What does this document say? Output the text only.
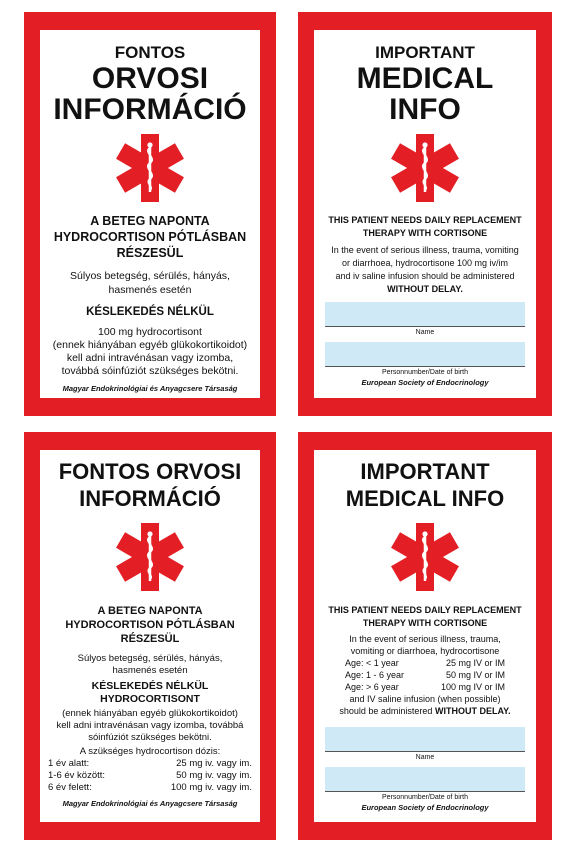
FONTOS

ORVOSI

INFORMÁCIÓ

A BETEG NAPONTA

HYDROCORTISON PÓTLÁSBAN

RÉSZESÜL

Súlyos betegség, sérülés, hányás,

hasmenés esetén

KÉSLEKEDÉS NÉLKÜL

100 mg hydrocortisont

(ennek hiányában egyéb glükokortikoidot)

kell adni intravénásan vagy izomba,

továbbá sóinfúziót szükséges bekötni.

Magyar Endokrinológiai és Anyagcsere Társaság

IMPORTANT

MEDICAL

INFO

THIS PATIENT NEEDS DAILY REPLACEMENT

THERAPY WITH CORTISONE

In the event of serious illness, trauma, vomiting

or diarrhoea, hydrocortisone 100 mg iv/im

and iv saline infusion should be administered

WITHOUT DELAY.

Name

Personnumber/Date of birth

European Society of Endocrinology

FONTOS ORVOSI

INFORMÁCIÓ

A BETEG NAPONTA

HYDROCORTISON PÓTLÁSBAN

RÉSZESÜL

Súlyos betegség, sérülés, hányás,

hasmenés esetén

KÉSLEKEDÉS NÉLKÜL

HYDROCORTISONT

(ennek hiányában egyéb glükokortikoidot)

kell adni intravénásan vagy izomba, továbbá

sóinfúziót szükséges bekötni.

A szükséges hydrocortison dózis:

1 év alatt:	25 mg iv. vagy im.
1-6 év között:	50 mg iv. vagy im.
6 év felett:	100 mg iv. vagy im.

Magyar Endokrinológiai és Anyagcsere Társaság

IMPORTANT

MEDICAL INFO

THIS PATIENT NEEDS DAILY REPLACEMENT

THERAPY WITH CORTISONE

In the event of serious illness, trauma,

vomiting or diarrhoea, hydrocortisone

Age: < 1 year	25 mg IV or IM
Age: 1 - 6 year	50 mg IV or IM
Age: > 6 year	100 mg IV or IM

and IV saline infusion (when possible)

should be administered WITHOUT DELAY.

Name

Personnumber/Date of birth

European Society of Endocrinology
